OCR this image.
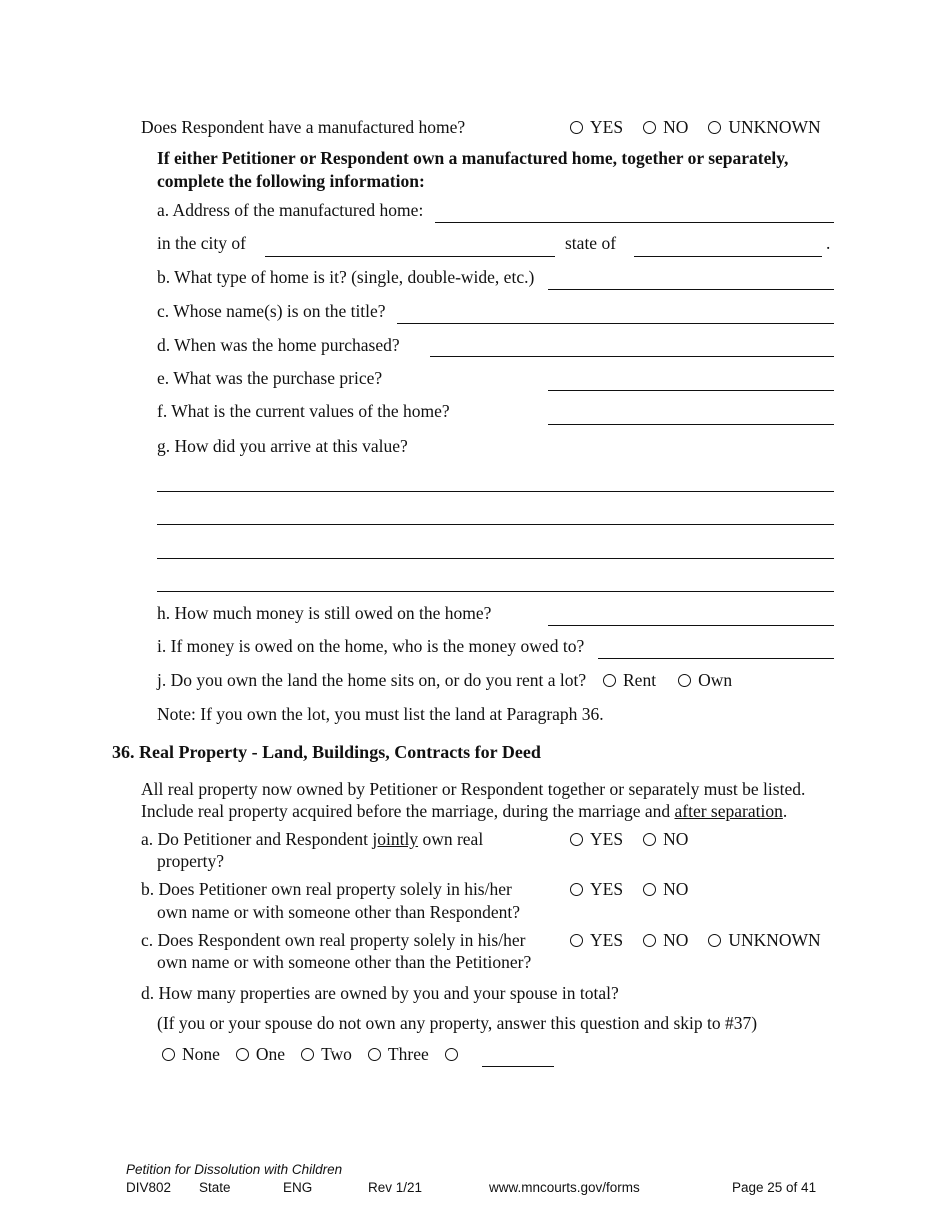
Does Respondent have a manufactured home?	YES NO UNKNOWN
If either Petitioner or Respondent own a manufactured home, together or separately,
complete the following information:
a. Address of the manufactured home:
in the city of	state of	.
b. What type of home is it? (single, double-wide, etc.)
c. Whose name(s) is on the title?
d. When was the home purchased?
e. What was the purchase price?
f. What is the current values of the home?
g. How did you arrive at this value?
h. How much money is still owed on the home?
i. If money is owed on the home, who is the money owed to?
j. Do you own the land the home sits on, or do you rent a lot? Rent Own
Note: If you own the lot, you must list the land at Paragraph 36.
36. Real Property - Land, Buildings, Contracts for Deed
All real property now owned by Petitioner or Respondent together or separately must be listed.
Include real property acquired before the marriage, during the marriage and after separation.
a. Do Petitioner and Respondent jointly own real
property?
YES NO
b. Does Petitioner own real property solely in his/her
own name or with someone other than Respondent?
YES NO
c. Does Respondent own real property solely in his/her
own name or with someone other than the Petitioner?
YES NO UNKNOWN
d. How many properties are owned by you and your spouse in total?
(If you or your spouse do not own any property, answer this question and skip to #37)
None One Two Three
Petition for Dissolution with Children
DIV802 State	ENG	Rev 1/21	www.mncourts.gov/forms	Page 25 of 41
